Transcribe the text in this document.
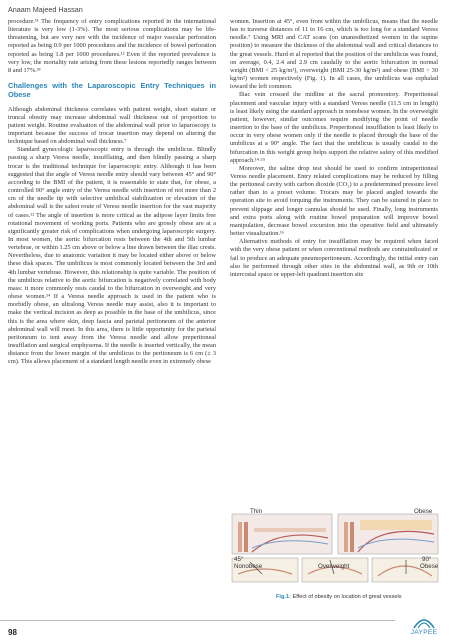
Anaam Majeed Hassan

procedure.¹¹ The frequency of entry complications reported in the international literature is very low (1-3%). The most serious complications may be life-threatening, but are very rare with the incidence of major vascular perforation reported as being 0.9 per 1000 procedures and the incidence of bowel perforation reported as being 1.8 per 1000 procedures.¹² Even if the reported prevalence is very low, the mortality rate arising from these lesions reportedly ranges between 8 and 17%.³³

Challenges with the Laparoscopic Entry Techniques in Obese

Although abdominal thickness correlates with patient weight, short stature or truncal obesity may increase abdominal wall thickness out of proportion to patient weight. Routine evaluation of the abdominal wall prior to laparoscopy is important because the success of trocar insertion may depend on altering the technique based on abdominal wall thickness.⁷

Standard gynecologic laparoscopic entry is through the umbilicus. Blindly passing a sharp Veress needle, insufflating, and then blindly passing a sharp trocar is the traditional technique for laparoscopic entry. Although it has been suggested that the angle of Veress needle entry should vary between 45° and 90° according to the BMI of the patient, it is reasonable to state that, for obese, a controlled 90° angle entry of the Veress needle with insertion of not more than 2 cm of the needle tip with selective umbilical stabilization or elevation of the abdominal wall is the safest route of Veress needle insertion for the vast majority of cases.¹² The angle of insertion is more critical as the adipose layer limits free rotational movement of working ports. Patients who are grossly obese are at a significantly greater risk of complications when undergoing laparoscopic surgery. In most women, the aortic bifurcation rests between the 4th and 5th lumbar vertebrae, or within 1.25 cm above or below a line drawn between the iliac crests. Nevertheless, due to anatomic variation it may be located either above or below these disk spaces. The umbilicus is most commonly located between the 3rd and 4th lumbar vertebrae. However, this relationship is quite variable. The position of the umbilicus relative to the aortic bifurcation is negatively correlated with body mass: it more commonly rests caudal to the bifurcation in overweight and very obese women.¹⁴ If a Veress needle approach is used in the patient who is morbidly obese, an ultralong Veress needle may assist, also it is important to make the vertical incision as deep as possible in the base of the umbilicus, since this is the area where skin, deep fascia and parietal peritoneum of the anterior abdominal wall will meet. In this area, there is little opportunity for the parietal peritoneum to tent away from the Veress needle and allow preperitoneal insufflation and surgical emphysema. If the needle is inserted vertically, the mean distance from the lower margin of the umbilicus to the peritoneum is 6 cm (± 3 cm). This allows placement of a standard length needle even in extremely obese

women. Insertion at 45°, even from within the umbilicus, means that the needle has to traverse distances of 11 to 16 cm, which is too long for a standard Veress needle.⁷ Using MRI and CAT scans (on unanesthetized women in the supine position) to measure the thickness of the abdominal wall and critical distances to the great vessels. Hurd et al reported that the position of the umbilicus was found, on average, 0.4, 2.4 and 2.9 cm caudally to the aortic bifurcation in normal weight (BMI < 25 kg/m²), overweight (BMI 25-30 kg/m²) and obese (BMI > 30 kg/m²) women respectively (Fig. 1). In all cases, the umbilicus was cephalad toward the left common.

Iliac vein crossed the midline at the sacral promontory. Preperitoneal placement and vascular injury with a standard Veress needle (11.5 cm in length) is least likely using the standard approach in nonobese women. In the overweight patient, however, similar outcomes require modifying the point of needle insertion to the base of the umbilicus. Preperitoneal insufflation is least likely to occur in very obese women only if the needle is placed through the base of the umbilicus at a 90° angle. The fact that the umbilicus is usually caudal to the bifurcation in this weight group helps support the relative safety of this modified approach.¹⁴·¹⁵

Moreover, the saline drop test should be used to confirm intraperitoneal Veress needle placement. Entry related complications may be reduced by filling the peritoneal cavity with carbon dioxide (CO₂) to a predetermined pressure level rather than to a preset volume. Trocars may be placed angled towards the operation site to avoid torquing the instruments. They can be sutured in place to prevent slippage and longer cannulas should be used. Finally, long instruments and extra ports along with routine bowel preparation will improve bowel manipulation, decrease bowel excursion into the operative field and ultimately better visualization.¹⁶

Alternative methods of entry for insufflation may be required when faced with the very obese patient or when conventional methods are contraindicated or fail to produce an adequate pneumoperitoneum. Accordingly, the initial entry can also be performed through other sites in the abdominal wall, as 9th or 10th intercostal space or upper-left quadrant insertion site

Thin	Obese
45°
Nonobese	Overweight
90°
Obese
Fig.1: Effect of obesity on location of great vessels
98	JAYPEE
